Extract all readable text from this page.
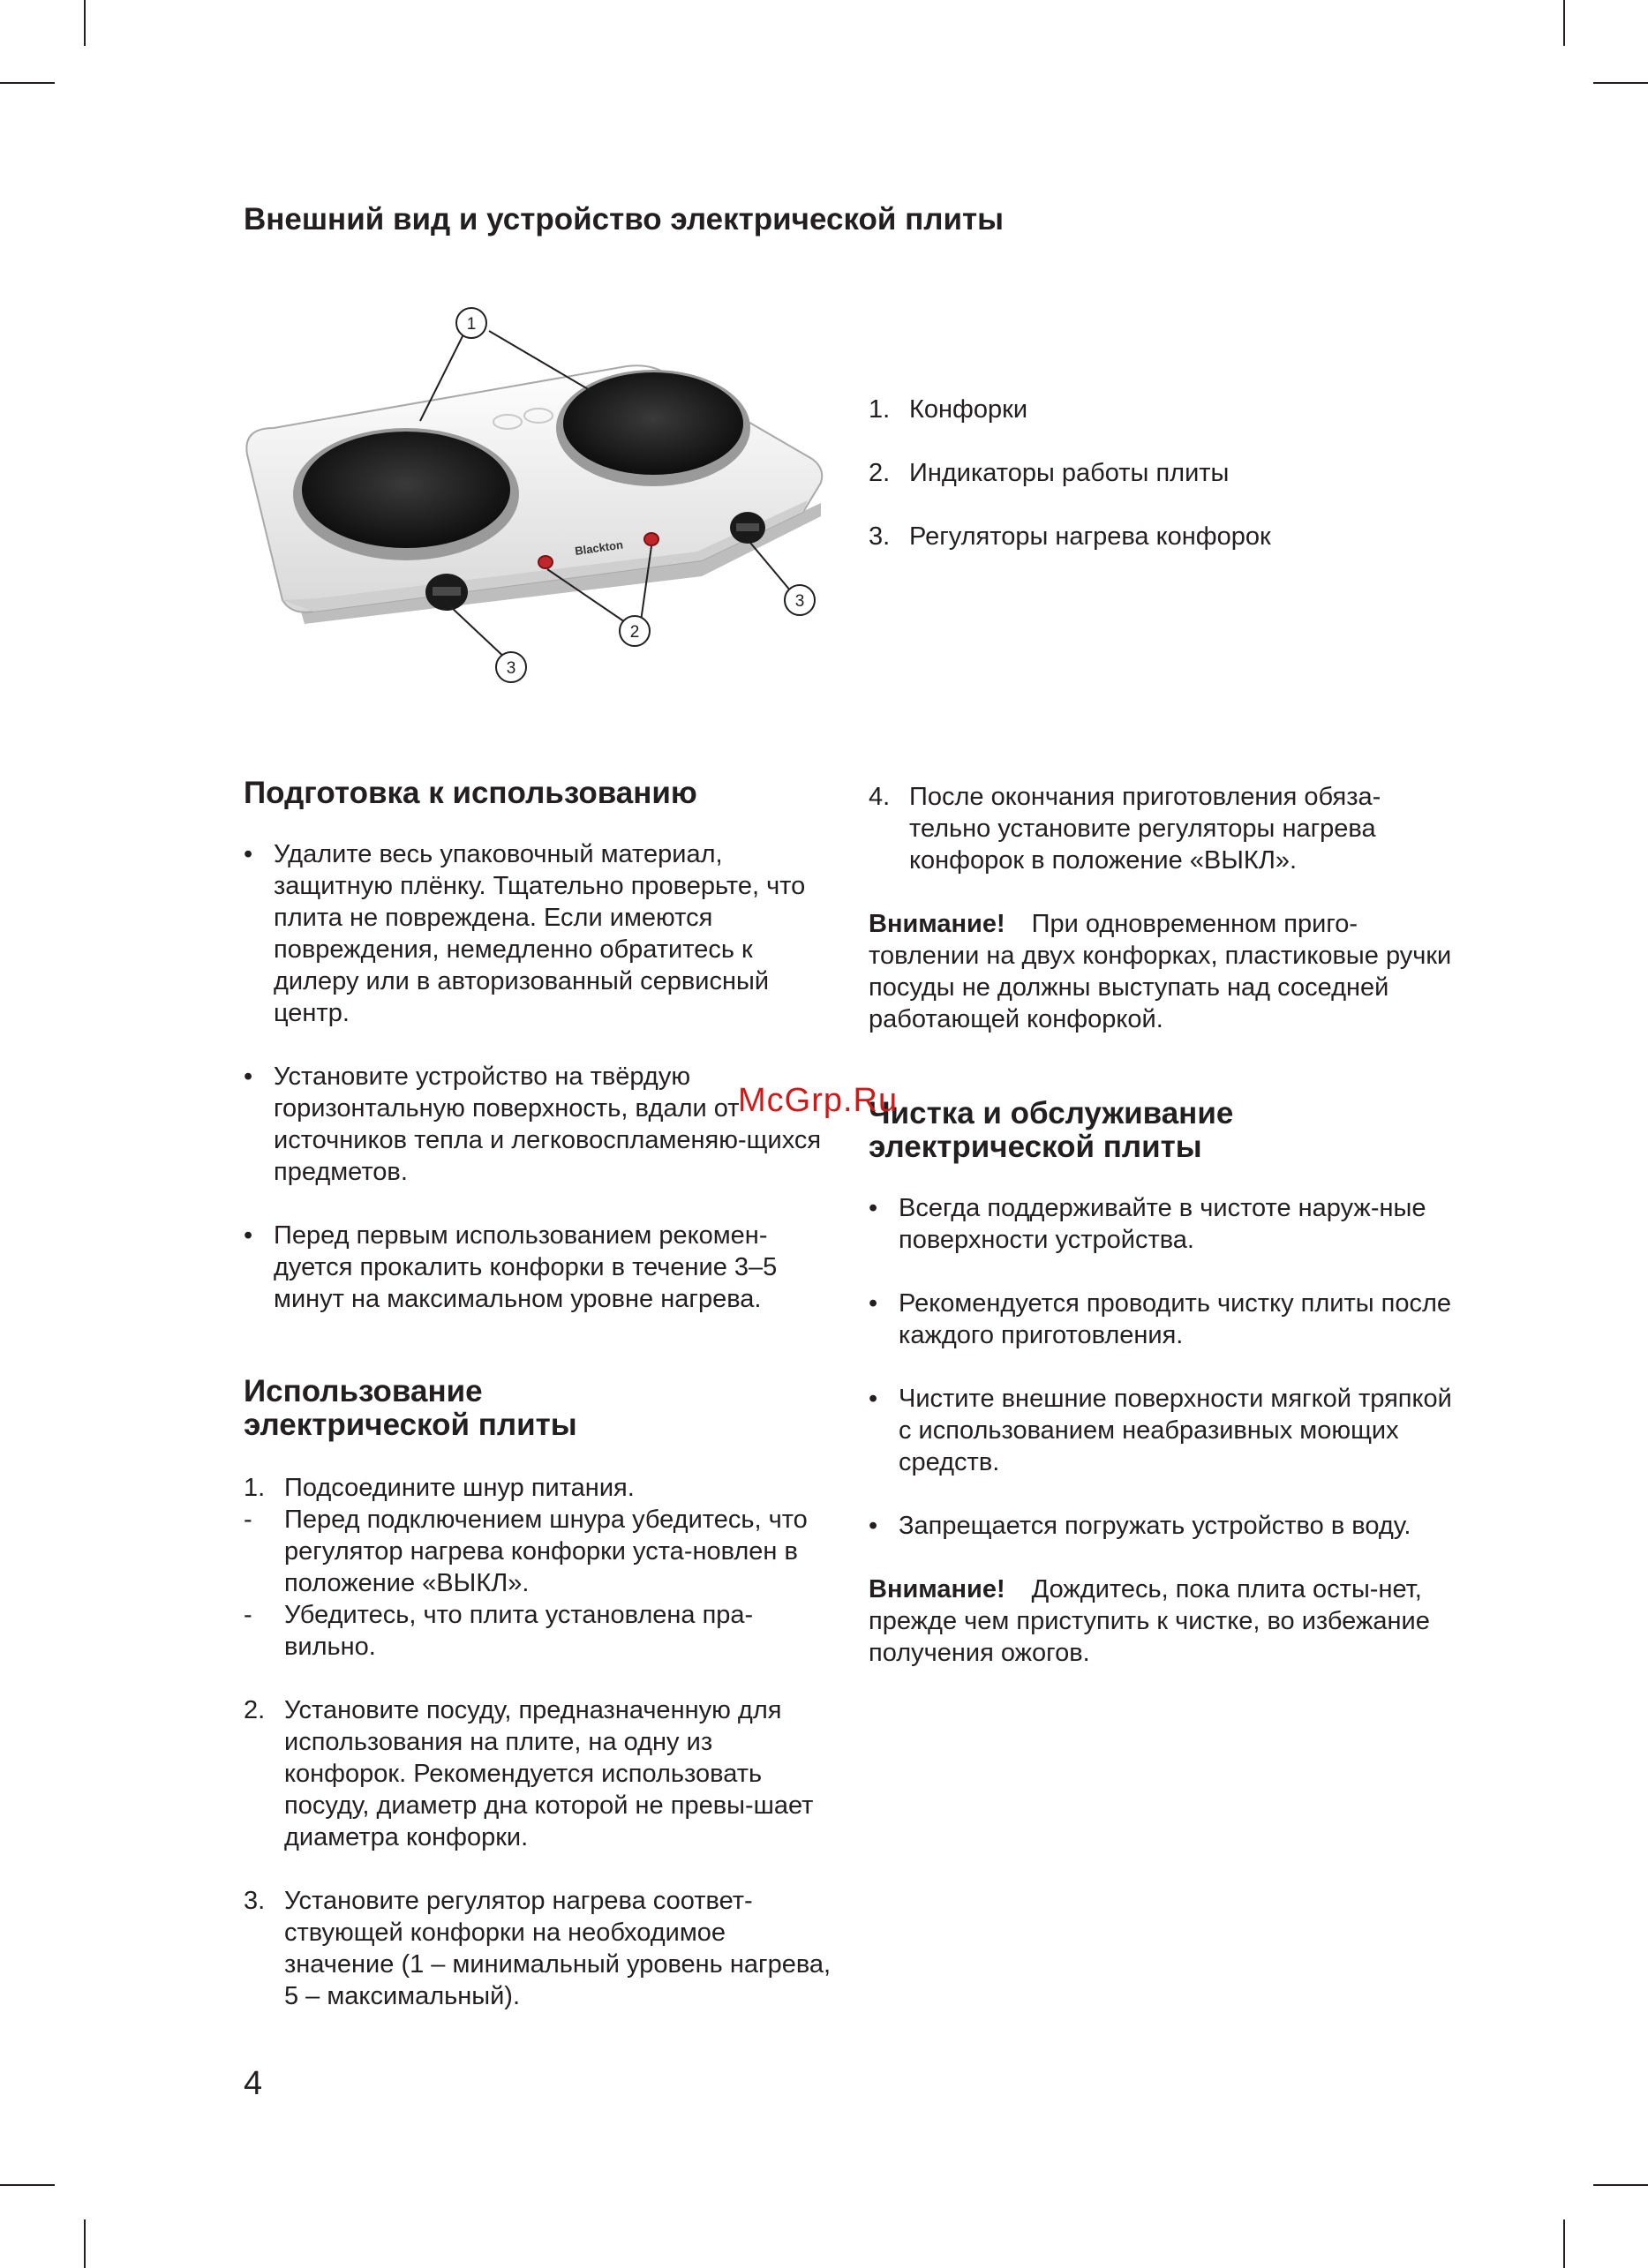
Внешний вид и устройство электрической плиты
Blackton
1
2
3
3
1. Конфорки
2. Индикаторы работы плиты
3. Регуляторы нагрева конфорок
Подготовка к использованию
• Удалите весь упаковочный материал, защитную плёнку. Тщательно проверьте, что плита не повреждена. Если имеются повреждения, немедленно обратитесь к дилеру или в авторизованный сервисный центр.
• Установите устройство на твёрдую горизонтальную поверхность, вдали от источников тепла и легковоспламеняю-щихся предметов.
• Перед первым использованием рекомен-дуется прокалить конфорки в течение 3–5 минут на максимальном уровне нагрева.
Использование
электрической плиты
1. Подсоедините шнур питания.
-	Перед подключением шнура убедитесь, что регулятор нагрева конфорки уста-новлен в положение «ВЫКЛ».
-	Убедитесь, что плита установлена пра-вильно.
2. Установите посуду, предназначенную для использования на плите, на одну из конфорок. Рекомендуется использовать посуду, диаметр дна которой не превы-шает диаметра конфорки.
3. Установите регулятор нагрева соответ-ствующей конфорки на необходимое значение (1 – минимальный уровень нагрева, 5 – максимальный).
4. После окончания приготовления обяза-тельно установите регуляторы нагрева конфорок в положение «ВЫКЛ».

Внимание! При одновременном приго-товлении на двух конфорках, пластиковые ручки посуды не должны выступать над соседней работающей конфоркой.

Чистка и обслуживание
электрической плиты
• Всегда поддерживайте в чистоте наруж-ные поверхности устройства.
• Рекомендуется проводить чистку плиты после каждого приготовления.
• Чистите внешние поверхности мягкой тряпкой с использованием неабразивных моющих средств.
• Запрещается погружать устройство в воду.

Внимание! Дождитесь, пока плита осты-нет, прежде чем приступить к чистке, во избежание получения ожогов.

McGrp.Ru
4
